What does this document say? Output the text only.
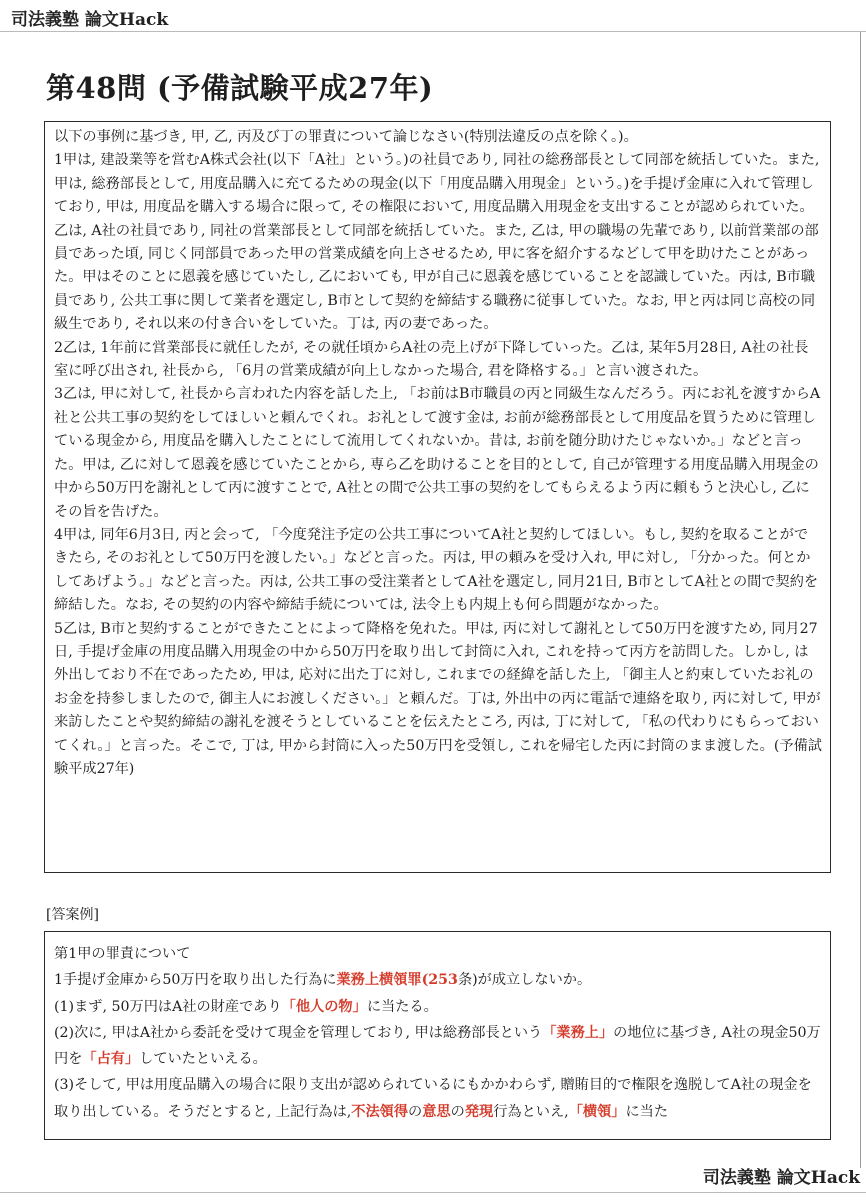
司法義塾 論文Hack
第48問 (予備試験平成27年)

以下の事例に基づき, 甲, 乙, 丙及び丁の罪責について論じなさい(特別法違反の点を除く。)。

1甲は, 建設業等を営むA株式会社(以下「A社」という。)の社員であり, 同社の総務部長として同部を統括していた。また, 甲は, 総務部長として, 用度品購入に充てるための現金(以下「用度品購入用現金」という。)を手提げ金庫に入れて管理しており, 甲は, 用度品を購入する場合に限って, その権限において, 用度品購入用現金を支出することが認められていた。乙は, A社の社員であり, 同社の営業部長として同部を統括していた。また, 乙は, 甲の職場の先輩であり, 以前営業部の部員であった頃, 同じく同部員であった甲の営業成績を向上させるため, 甲に客を紹介するなどして甲を助けたことがあった。甲はそのことに恩義を感じていたし, 乙においても, 甲が自己に恩義を感じていることを認識していた。丙は, B市職員であり, 公共工事に関して業者を選定し, B市として契約を締結する職務に従事していた。なお, 甲と丙は同じ高校の同級生であり, それ以来の付き合いをしていた。丁は, 丙の妻であった。

2乙は, 1年前に営業部長に就任したが, その就任頃からA社の売上げが下降していった。乙は, 某年5月28日, A社の社長室に呼び出され, 社長から, 「6月の営業成績が向上しなかった場合, 君を降格する。」と言い渡された。

3乙は, 甲に対して, 社長から言われた内容を話した上, 「お前はB市職員の丙と同級生なんだろう。丙にお礼を渡すからA社と公共工事の契約をしてほしいと頼んでくれ。お礼として渡す金は, お前が総務部長として用度品を買うために管理している現金から, 用度品を購入したことにして流用してくれないか。昔は, お前を随分助けたじゃないか。」などと言った。甲は, 乙に対して恩義を感じていたことから, 専ら乙を助けることを目的として, 自己が管理する用度品購入用現金の中から50万円を謝礼として丙に渡すことで, A社との間で公共工事の契約をしてもらえるよう丙に頼もうと決心し, 乙にその旨を告げた。

4甲は, 同年6月3日, 丙と会って, 「今度発注予定の公共工事についてA社と契約してほしい。もし, 契約を取ることができたら, そのお礼として50万円を渡したい。」などと言った。丙は, 甲の頼みを受け入れ, 甲に対し, 「分かった。何とかしてあげよう。」などと言った。丙は, 公共工事の受注業者としてA社を選定し, 同月21日, B市としてA社との間で契約を締結した。なお, その契約の内容や締結手続については, 法令上も内規上も何ら問題がなかった。

5乙は, B市と契約することができたことによって降格を免れた。甲は, 丙に対して謝礼として50万円を渡すため, 同月27日, 手提げ金庫の用度品購入用現金の中から50万円を取り出して封筒に入れ, これを持って丙方を訪問した。しかし, は外出しており不在であったため, 甲は, 応対に出た丁に対し, これまでの経緯を話した上, 「御主人と約束していたお礼のお金を持参しましたので, 御主人にお渡しください。」と頼んだ。丁は, 外出中の丙に電話で連絡を取り, 丙に対して, 甲が来訪したことや契約締結の謝礼を渡そうとしていることを伝えたところ, 丙は, 丁に対して, 「私の代わりにもらっておいてくれ。」と言った。そこで, 丁は, 甲から封筒に入った50万円を受領し, これを帰宅した丙に封筒のまま渡した。(予備試験平成27年)

[答案例]

第1甲の罪責について

1手提げ金庫から50万円を取り出した行為に業務上横領罪(253条)が成立しないか。

(1)まず, 50万円はA社の財産であり「他人の物」に当たる。

(2)次に, 甲はA社から委託を受けて現金を管理しており, 甲は総務部長という「業務上」の地位に基づき, A社の現金50万円を「占有」していたといえる。

(3)そして, 甲は用度品購入の場合に限り支出が認められているにもかかわらず, 贈賄目的で権限を逸脱してA社の現金を取り出している。そうだとすると, 上記行為は,不法領得の意思の発現行為といえ,「横領」に当た

司法義塾 論文Hack
